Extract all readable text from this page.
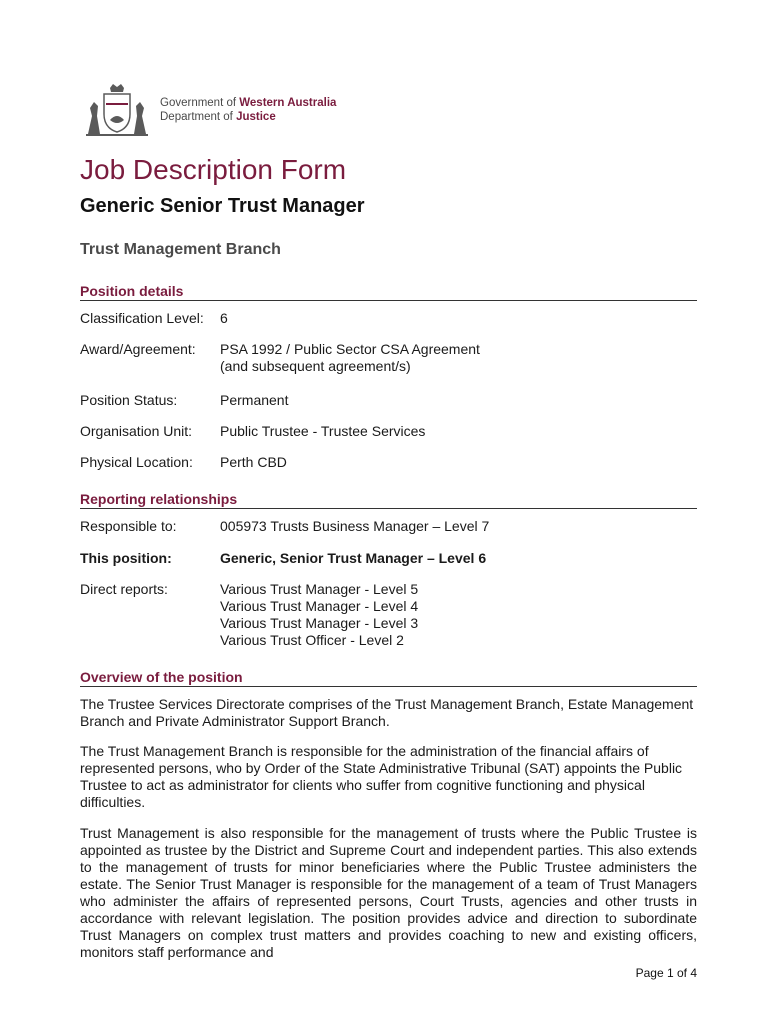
Government of Western Australia
Department of Justice
Job Description Form
Generic Senior Trust Manager
Trust Management Branch
Position details
Classification Level:	6
Award/Agreement:	PSA 1992 / Public Sector CSA Agreement
(and subsequent agreement/s)
Position Status:	Permanent
Organisation Unit:	Public Trustee - Trustee Services
Physical Location:	Perth CBD
Reporting relationships
Responsible to:	005973 Trusts Business Manager – Level 7
This position:	Generic, Senior Trust Manager – Level 6
Direct reports:	Various Trust Manager - Level 5
Various Trust Manager - Level 4
Various Trust Manager - Level 3
Various Trust Officer - Level 2
Overview of the position

The Trustee Services Directorate comprises of the Trust Management Branch, Estate Management Branch and Private Administrator Support Branch.

The Trust Management Branch is responsible for the administration of the financial affairs of represented persons, who by Order of the State Administrative Tribunal (SAT) appoints the Public Trustee to act as administrator for clients who suffer from cognitive functioning and physical difficulties.

Trust Management is also responsible for the management of trusts where the Public Trustee is appointed as trustee by the District and Supreme Court and independent parties. This also extends to the management of trusts for minor beneficiaries where the Public Trustee administers the estate. The Senior Trust Manager is responsible for the management of a team of Trust Managers who administer the affairs of represented persons, Court Trusts, agencies and other trusts in accordance with relevant legislation. The position provides advice and direction to subordinate Trust Managers on complex trust matters and provides coaching to new and existing officers, monitors staff performance and

Page 1 of 4
